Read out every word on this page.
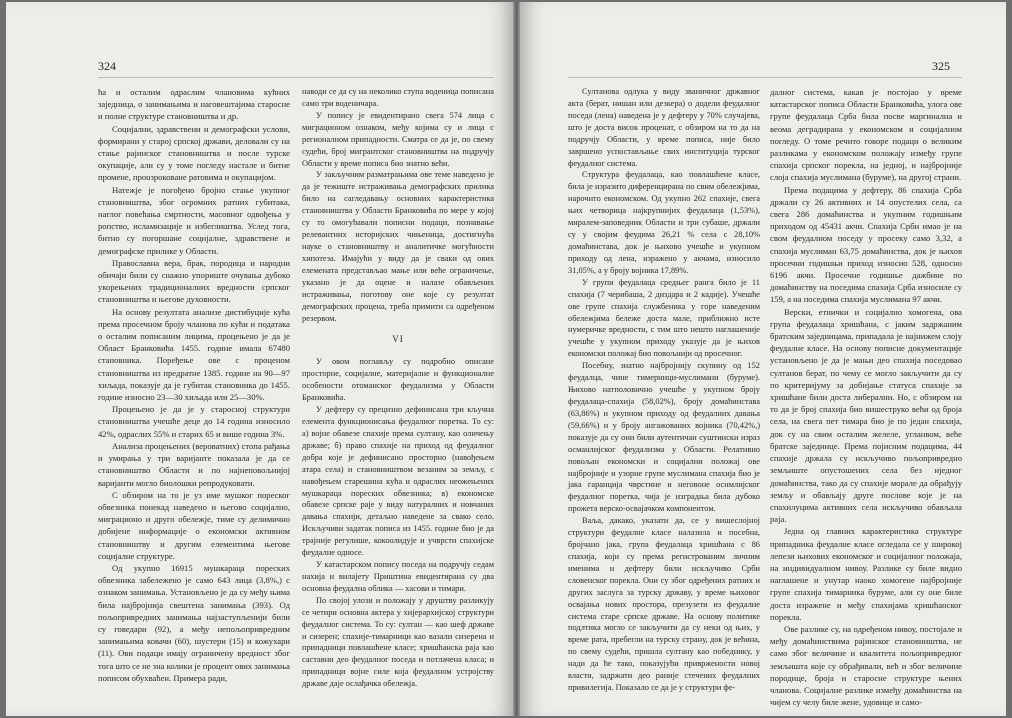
324

ћа и осталим одраслим члановима кућних заједница, о занимањима и наговештајима старосне и полне структуре становништва и др.

Социјални, здравствени и демографски услови, формирани у старој српској држави, деловали су на стање рајинског становништва и после турске окупације, али су у томе погледу настале и битне промене, прouзроковане ратовима и окупацијом.

Натежје је погођено бројно стање укупног становништва, због огромних ратних губитака, наглог повећања смртности, масовног одвођења у ропство, исламизације и избеглиштва. Услед тога, битно су погоршане социјалне, здравствене и демографске прилике у Области.

Православна вера, брак, породица и народни обичаји били су снажно упориште очувања дубоко укорењених традиционалних вредности српског становништва и његове духовности.

На основу резултата анализе дистибуције кућа према просечном броју чланова по кући и података о осталим пописаним лицима, процењено је да је Област Бранковића 1455. године имала 67480 становника. Поређење ове с проценом становништва из предратне 1385. године на 90—97 хиљада, показује да је губитак становника до 1455. године износио 23—30 хиљада или 25—30%.

Процењено је да је у старосној структури становништва учешће деце до 14 година износило 42%, одраслих 55% и старих 65 и више година 3%.

Анализа процењених (вероватних) стопа рађања и умирања у три варијанте показала је да се становништво Области и по најнеповољнијој варијанти могло биолошки репродуковати.

С обзиром на то је уз име мушког пореског обвезника понекад наведено и његово социјално, миграционо и друго обележје, тиме су делимично добијене информације о економски активном становништву и другим елементима његове социјалне структуре.

Од укупно 16915 мушкараца пореских обвезника забележено је само 643 лица (3,8%,) с ознаком занимања. Установљено је да су међу њима била најбројнија свештена занимања (393). Од пољопривредних занимања најзаступљенији били су говедари (92), а међу непољопривредним занимањима ковачи (60), шустери (15) и кожухари (11). Ови подаци имају ограничену вредност због тога што се не зна колики је процент ових занимања пописом обухваћен. Примера ради,

наводи се да су на неколико ступа воденица пописана само три воденичара.

У попису је евидентирано свега 574 лица с миграционом ознаком, међу којима су и лица с регионалном припадности. Сматра се да је, по свему судећи, број мигрантског становништва на подручју Области у време пописа био знатно већи.

У закључним разматрањима ове теме наведено је да је тежиште истраживања демографских прилика било на сагледавању основних карактеристика становништва у Области Бранковића по мере у којој су то омогућавали пописни подаци, познавање релевантних историјских чињеница, достигнућа науке о становништву и аналитичке могућности хипотеза. Имајући у виду да је сваки од ових елемената представљао мање или веће ограничење, указано је да оцене и налазе обављених истраживања, поготову оне које су резултат демографских процена, треба примити са одређеном резервом.

VI

У овом поглављу су подробно описане просторне, социјалне, материјалне и функционалне особености отоманског феудализма у Области Бранковића.

У дефтеру су прецизно дефинисана три кључна елемента функционисања феудалног поретка. То су: а) војне обавезе спахије према султану, као оличењу државе; б) право спахије на приход од феудалног добра које је дефинисано просторно (навођењем атара села) и становништвом везаним за земљу, с навођењем старешина кућа и одраслих неожењених мушкараца пореских обвезника; в) економске обавезе српске раје у виду натуралних и новчаних давања спахији, детаљно наведене за свако село. Искључиви задатак пописа из 1455. године био је да трајније регулише, кокоолидује и учврсти спахијске феудалне односе.

У катастарском попису поседа на подручју седам нахија и вилајету Приштина евидентирана су два основна феудална облика — хасови и тимари.

По својој улози и положају у друштву разликују се четири основна актера у хијерархијској структури феудалног система. То су: султан — као шеф државе и сизерен; спахије-тимарници као вазали сизерена и припадници повлашћене класе; хришћанска раја као саставни део феудалног поседа и потлачена класа; и припадници војне силе која феудалном устројству државе даје ослађачка обележја.

325

Султанова одлука у виду званичног државног акта (берат, нишан или дезкера) о додели феудалног поседа (лена) наведена је у дефтеру у 70% случајева, што је доста висок проценат, с обзиром на то да на подручју Области, у време пописа, није било завршено успостављање свих институција турског феудалног система.

Структура феудалаца, као повлашћене класе, била је изразито диференцирана по свим обележјима, нарочито економском. Од укупно 262 спахије, свега њих четворица најкрупнијих феудалаца (1,53%), миралем-заповедник Области и три субаше, држали су у својим феудима 26,21 % села с 28,10% домаћинстава, док је њихово учешће и укупном приходу од лена, изражено у акчама, износило 31,05%, а у броју војника 17,89%.

У групи феудалаца средњег ранга било је 11 спахија (7 черибаша, 2 диздара и 2 кадије). Учешће ове групе спахија службеника у горе наведеним обележјима бележе доста мале, приближно исте нумеричке вредности, с тим што нешто наглашеније учешће у укупном приходу указује да је њихов економски положај био повољнији од просечног.

Посебну, знатно најбројнију скупину од 152 феудалца, чине тимерници-муслимани (бурумe). Њихово натполовично учешће у укупном броју феудалаца-спахија (58,02%), броју домаћинстава (63,86%) и укупном приходу од феудалних давања (59,66%) и у броју ангажованих војника (70,42%,) показује да су они били аутентичан суштински израз османлијског феудализма у Области. Релативно повољан економски и социјални положај ове најбројније и узорне групе муслимана спахија био је јака гаранција чврстине и неговоне оснмлијског феудалног поретка, чија је изградња била дубоко прожета верско-освајачком компонентом.

Ваља, дакако, указати да, се у вишеслојној структури феудалне класе налазила и посебна, бројчано јака, група феудалаца хришћана с 86 спахија, који су према регистрованим личним именима и дефтеру били искључиво Срби словенског порекла. Они су због одређених ратних и других заслуга за турску државу, у време њиховог освајања нових простора, презузети из феудалне система старе српске државе. На основу политике подлтика могло се закључити да су неки од њих, у време рата, пребегли на турску страну, док је већина, по свему судећи, пришла султану као победнику, у нади да ће тако, показујући привржености новој власти, задржати део раније стечених феудалних привилегија. Показало се да је у структури фе-

далног система, какав је постојао у време катастарског пописа Области Бранковића, улога ове групе феудалаца Срба била посве маргинална и веома деградирана у економском и социјалном погледу. О томе речито говоре подаци о великим разликама у економском положају између групе спахија српског порекла, на једној, и најбројније слоја спахија муслимана (буруме), на другој страни.

Према подацима у дефтеру, 86 спахија Срба држали су 26 активних и 14 опустелих села, са свега 286 домаћинства и укупним годишњим приходом од 45431 акчи. Спахија Срби имао је на свом феудалном поседу у просеку само 3,32, а спахија муслиман 63,75 домаћинства, док је њихов просечни годишњи приход износио 528, односно 6196 акчи. Просечне годишње дажбине по домаћинству на поседима спахија Срба износиле су 159, а на поседима спахија муслимана 97 акчи.

Верски, етнички и социјално хомогена, ова група феудалаца хришћана, с јаким задржаним братским заједницама, припадала је најнижем слоју феудалне класе. На основу пописне документације установљено је да је мањи део спахија поседовао султанов берат, по чему се могло закључити да су по критеријуму за добијање статуса спахије за хришћане били доста либерални. Но, с обзиром на то да је број спахија био вишеструко већи од броја села, на свега пет тимара био је по један спахија, док су на свим осталим желеле, угланвом, веће братске заједнице. Према појисним подацима, 44 спахије држала су искључиво пољопривредно земљиште опустошених села без иједног домаћинства, тако да су спахије морале да обрађују земљу и обављају друге послове које је на спахилуцима активних села искључиво обављала раја.

Једна од главних карактеристика структуре припадника феудалне класе огледала се у широкој лепези њихових економског и социјалног положаја, на индивидуалном нивоу. Разлике су биле видно наглашене и унутар наоко хомогене најбројније групе спахија тимарника бурумe, али су оне биле доста изражене и међу спахијама хришћанског порекла.

Ове разлике су, на одређеном нивоу, постојале и међу домаћинствима рајинског становништва, не само због величине и квалитета пољопривредног земљишта које су обрађивали, већ и због величине породице, броја и старосне структуре њених чланова. Социјалне разлике између домаћинства на чијем су челу биле жене, удовице и само-
